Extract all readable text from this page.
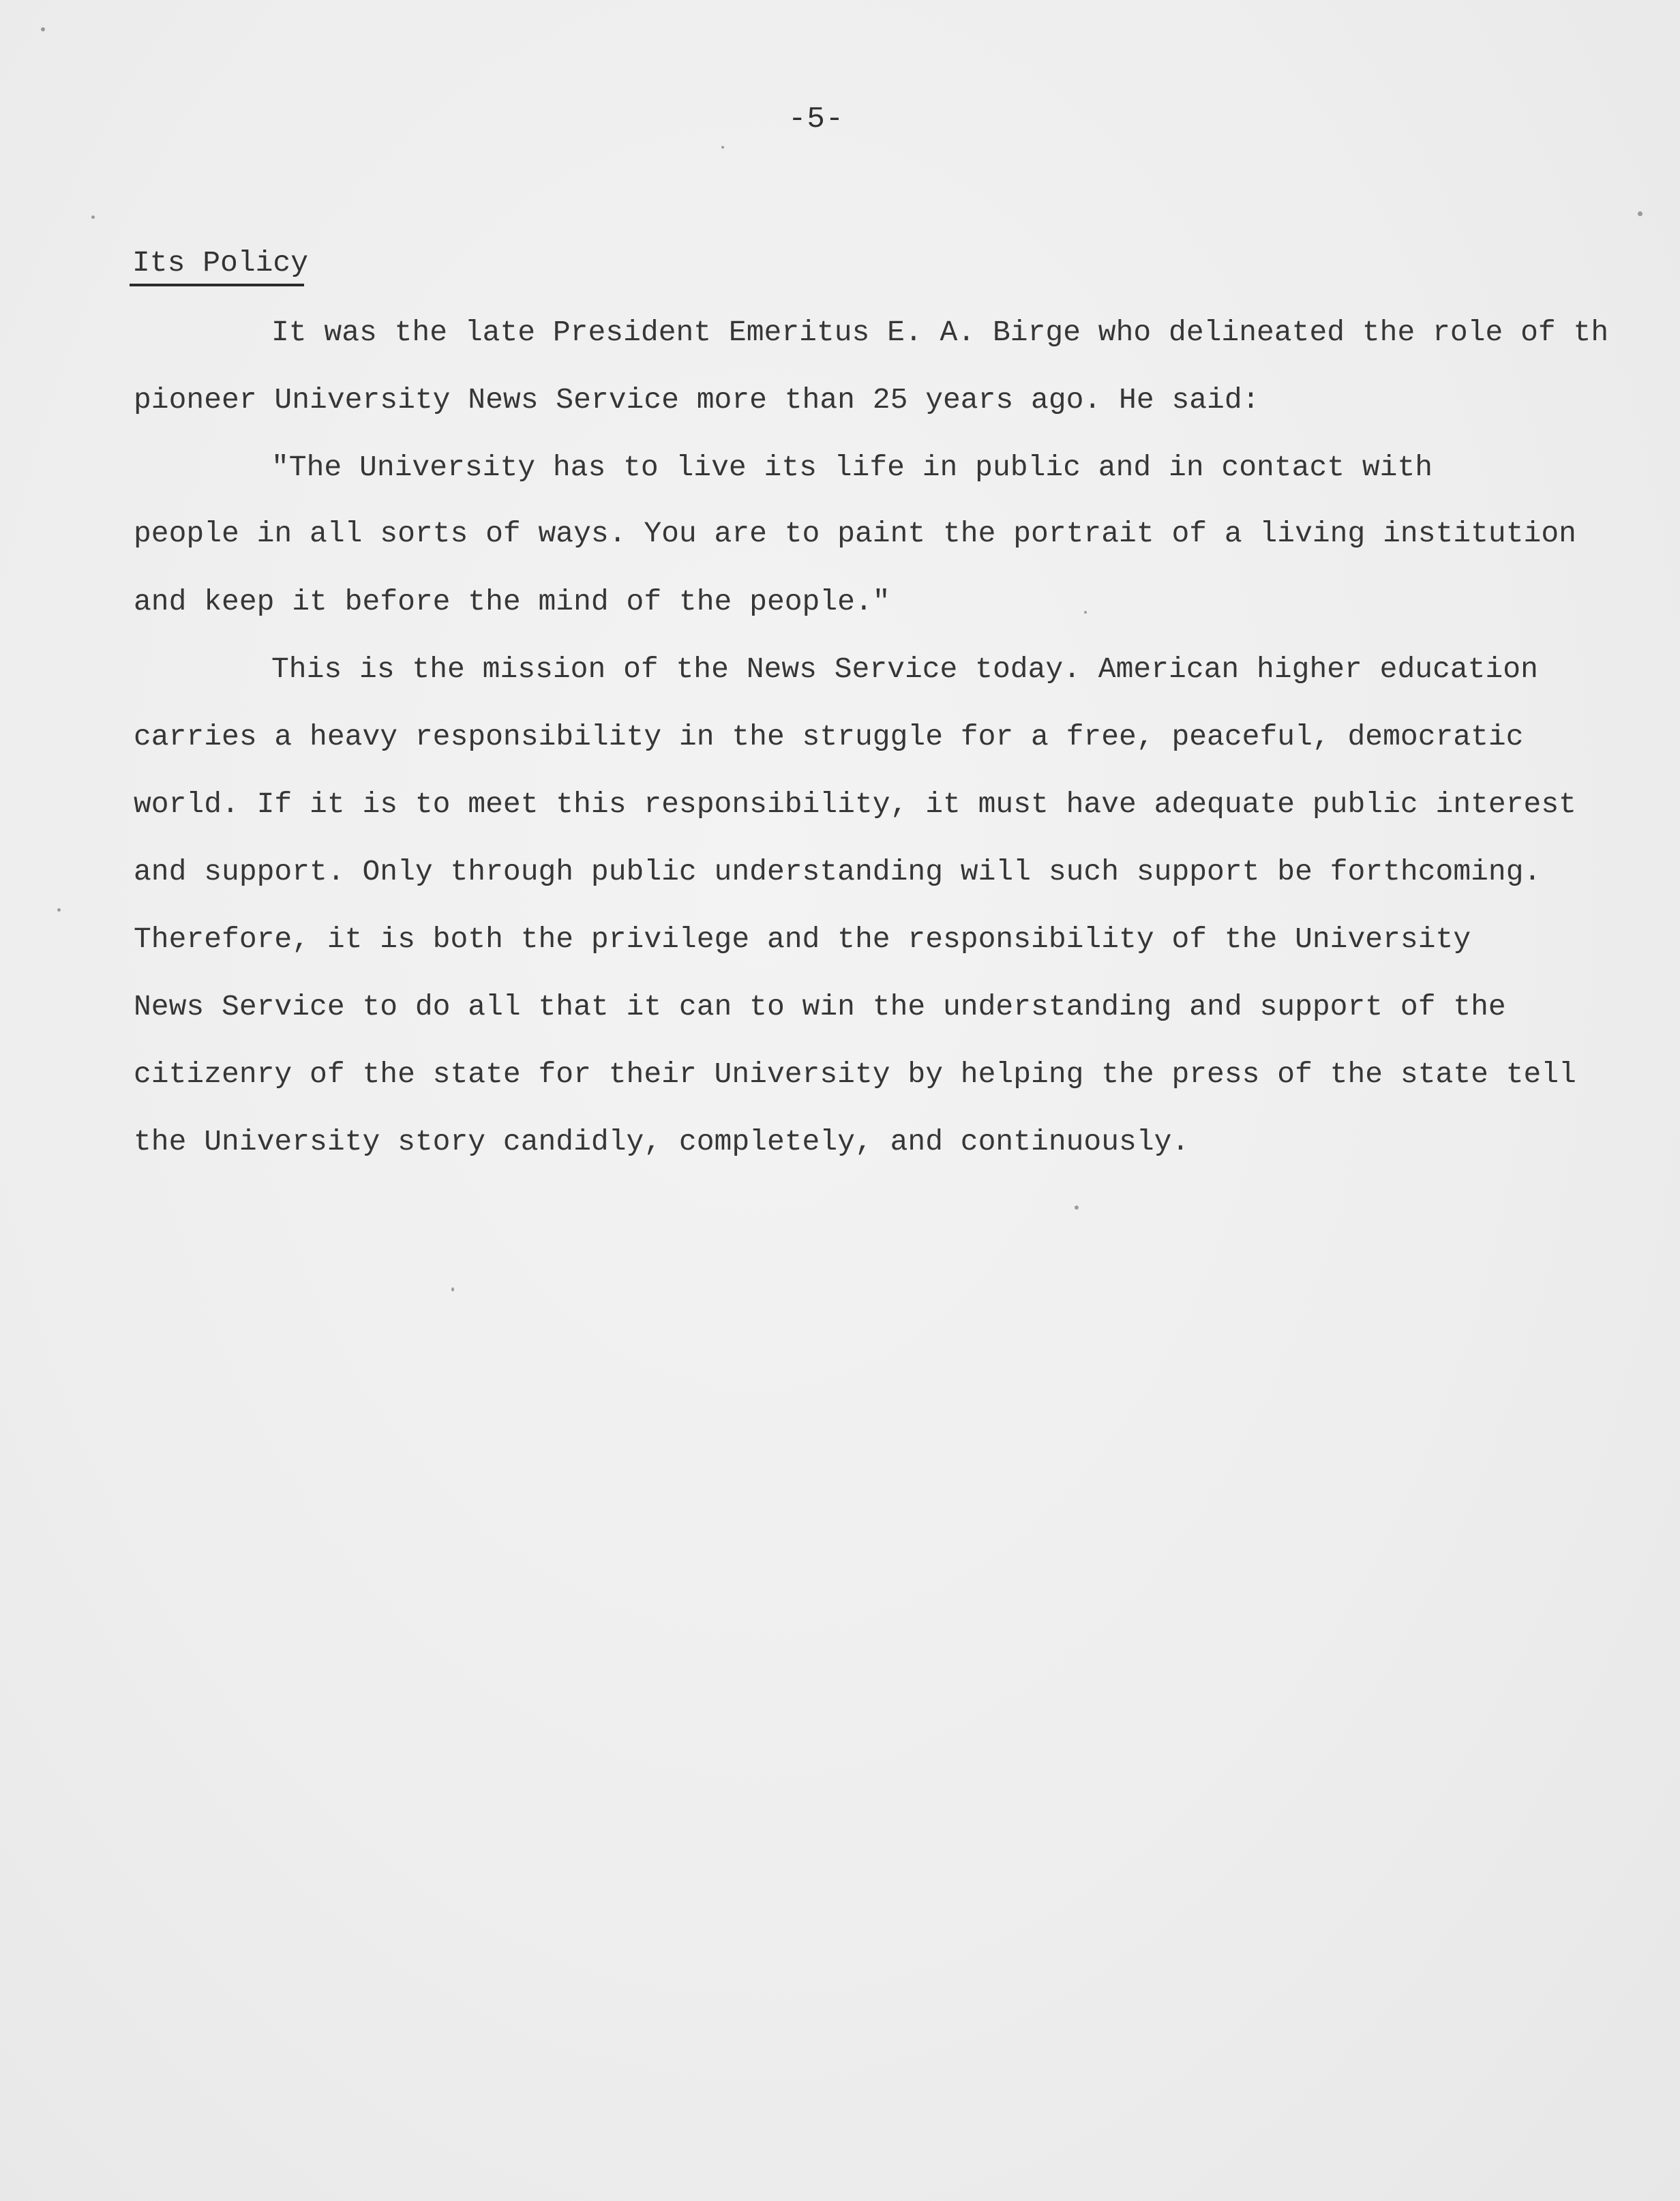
-5-
Its Policy
It was the late President Emeritus E. A. Birge who delineated the role of th
pioneer University News Service more than 25 years ago. He said:
"The University has to live its life in public and in contact with
people in all sorts of ways. You are to paint the portrait of a living institution
and keep it before the mind of the people."
This is the mission of the News Service today. American higher education
carries a heavy responsibility in the struggle for a free, peaceful, democratic
world. If it is to meet this responsibility, it must have adequate public interest
and support. Only through public understanding will such support be forthcoming.
Therefore, it is both the privilege and the responsibility of the University
News Service to do all that it can to win the understanding and support of the
citizenry of the state for their University by helping the press of the state tell
the University story candidly, completely, and continuously.
